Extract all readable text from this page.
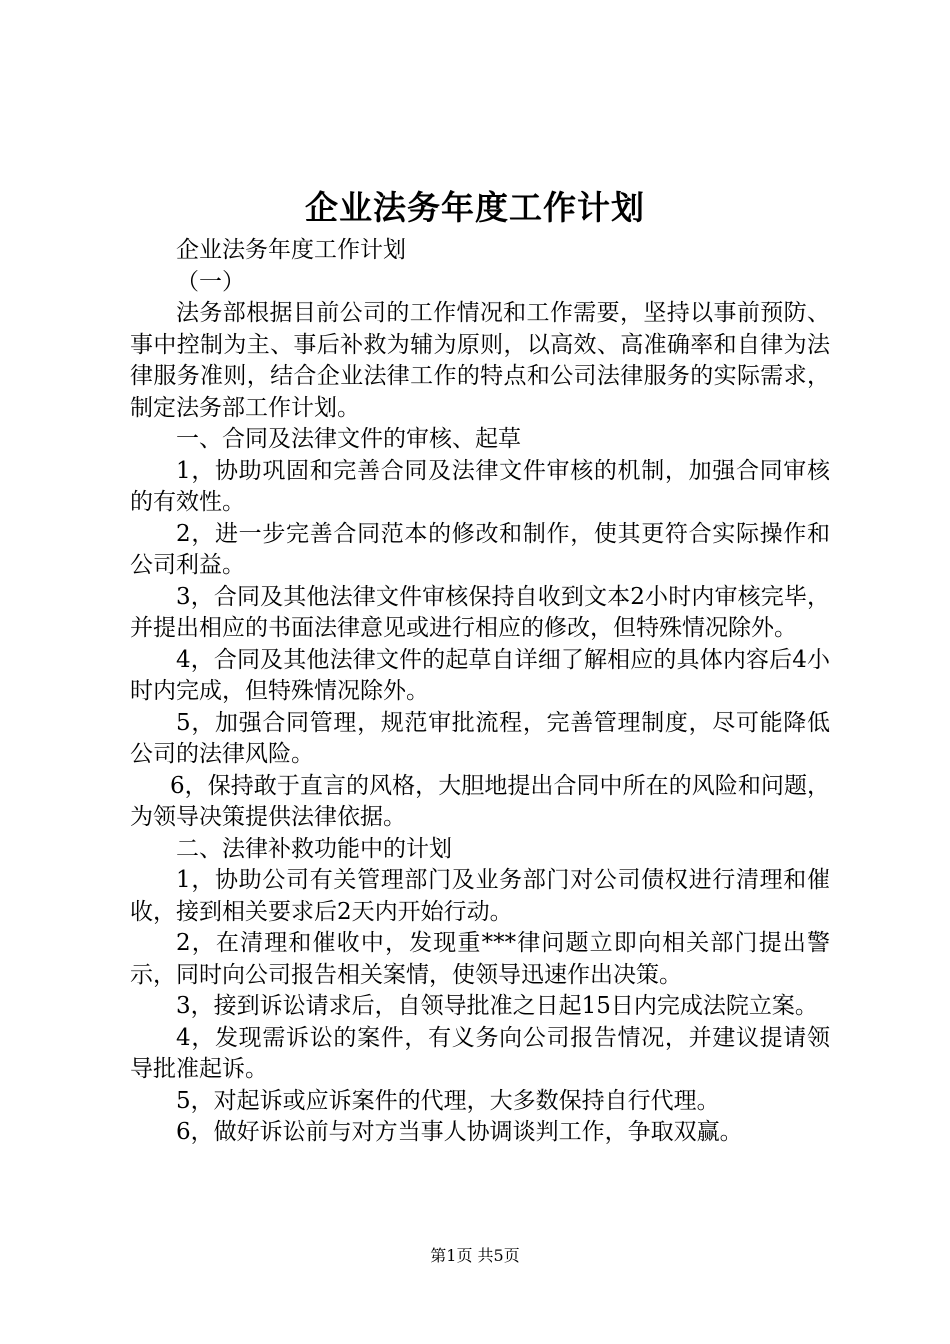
企业法务年度工作计划

企业法务年度工作计划

（一）

法务部根据目前公司的工作情况和工作需要，坚持以事前预防、事中控制为主、事后补救为辅为原则，以高效、高准确率和自律为法律服务准则，结合企业法律工作的特点和公司法律服务的实际需求，制定法务部工作计划。

一、合同及法律文件的审核、起草

1，协助巩固和完善合同及法律文件审核的机制，加强合同审核的有效性。

2，进一步完善合同范本的修改和制作，使其更符合实际操作和公司利益。

3，合同及其他法律文件审核保持自收到文本2小时内审核完毕，并提出相应的书面法律意见或进行相应的修改，但特殊情况除外。

4，合同及其他法律文件的起草自详细了解相应的具体内容后4小时内完成，但特殊情况除外。

5，加强合同管理，规范审批流程，完善管理制度，尽可能降低公司的法律风险。

6，保持敢于直言的风格，大胆地提出合同中所在的风险和问题，为领导决策提供法律依据。

二、法律补救功能中的计划

1，协助公司有关管理部门及业务部门对公司债权进行清理和催收，接到相关要求后2天内开始行动。

2，在清理和催收中，发现重***律问题立即向相关部门提出警示，同时向公司报告相关案情，使领导迅速作出决策。

3，接到诉讼请求后，自领导批准之日起15日内完成法院立案。

4，发现需诉讼的案件，有义务向公司报告情况，并建议提请领导批准起诉。

5，对起诉或应诉案件的代理，大多数保持自行代理。

6，做好诉讼前与对方当事人协调谈判工作，争取双赢。

第1页 共5页
